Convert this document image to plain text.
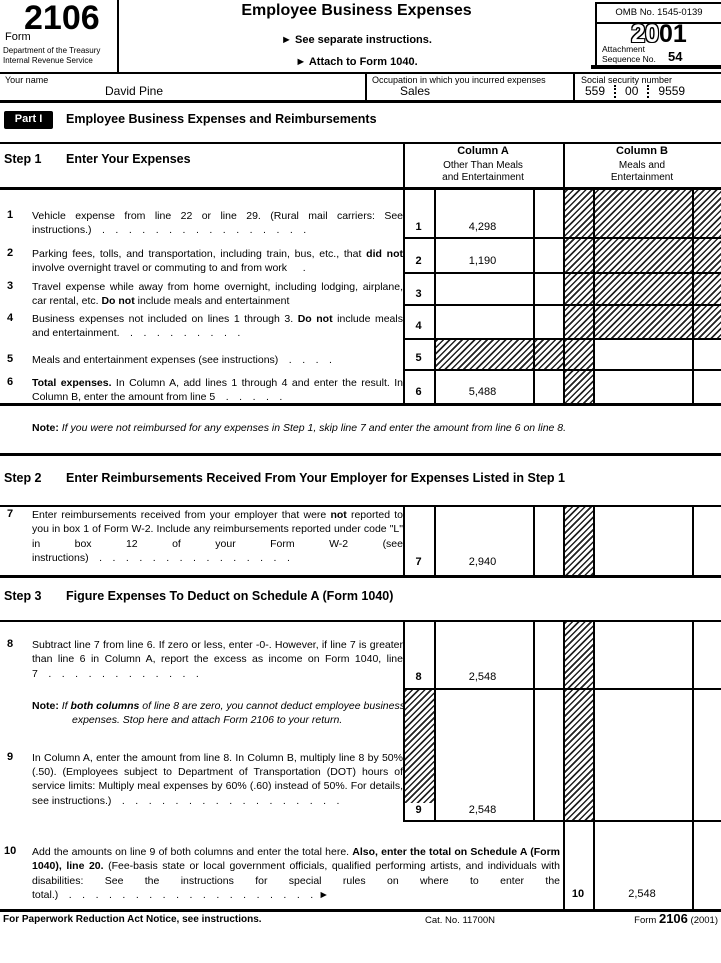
Form
2106
Department of the Treasury
Internal Revenue Service
Employee Business Expenses
► See separate instructions.
► Attach to Form 1040.
OMB No. 1545-0139
2001
Attachment
Sequence No. 54
Your name
David Pine
Occupation in which you incurred expenses
Sales
Social security number
559 00 9559
Part I	Employee Business Expenses and Reimbursements
Step 1 Enter Your Expenses
Column A
Other Than Meals
and Entertainment
Column B
Meals and
Entertainment
1 Vehicle expense from line 22 or line 29. (Rural mail carriers: See instructions.)  .  .  .  .  .  .  .  .  .  .  .  .  .  .  .  .
2 Parking fees, tolls, and transportation, including train, bus, etc., that did not involve overnight travel or commuting to and from work  .
3 Travel expense while away from home overnight, including lodging, airplane, car rental, etc. Do not include meals and entertainment
4 Business expenses not included on lines 1 through 3. Do not include meals and entertainment.  .  .  .  .  .  .  .  .  .
5 Meals and entertainment expenses (see instructions)  .  .  .  .
6 Total expenses. In Column A, add lines 1 through 4 and enter the result. In Column B, enter the amount from line 5  .  .  .  .  .
1	4,298
2	1,190
3
4
5
6	5,488
Note: If you were not reimbursed for any expenses in Step 1, skip line 7 and enter the amount from line 6 on line 8.
Step 2 Enter Reimbursements Received From Your Employer for Expenses Listed in Step 1
7 Enter reimbursements received from your employer that were not reported to you in box 1 of Form W-2. Include any reimbursements reported under code "L" in box 12 of your Form W-2 (see instructions)  .  .  .  .  .  .  .  .  .  .  .  .  .  .  .	7	2,940
Step 3 Figure Expenses To Deduct on Schedule A (Form 1040)
8 Subtract line 7 from line 6. If zero or less, enter -0-. However, if line 7 is greater than line 6 in Column A, report the excess as income on Form 1040, line 7  .  .  .  .  .  .  .  .  .  .  .  .	8	2,548
Note: If both columns of line 8 are zero, you cannot deduct employee business expenses. Stop here and attach Form 2106 to your return.
9 In Column A, enter the amount from line 8. In Column B, multiply line 8 by 50% (.50). (Employees subject to Department of Transportation (DOT) hours of service limits: Multiply meal expenses by 60% (.60) instead of 50%. For details, see instructions.)  .  .  .  .  .  .  .  .  .  .  .  .  .  .  .  .  .
9	2,548
10 Add the amounts on line 9 of both columns and enter the total here. Also, enter the total on Schedule A (Form 1040), line 20. (Fee-basis state or local government officials, qualified performing artists, and individuals with disabilities: See the instructions for special rules on where to enter the total.)  .  .  .  .  .  .  .  .  .  .  .  .  .  .  .  .  .  .  . ►	10	2,548
For Paperwork Reduction Act Notice, see instructions.	Cat. No. 11700N	Form 2106 (2001)
